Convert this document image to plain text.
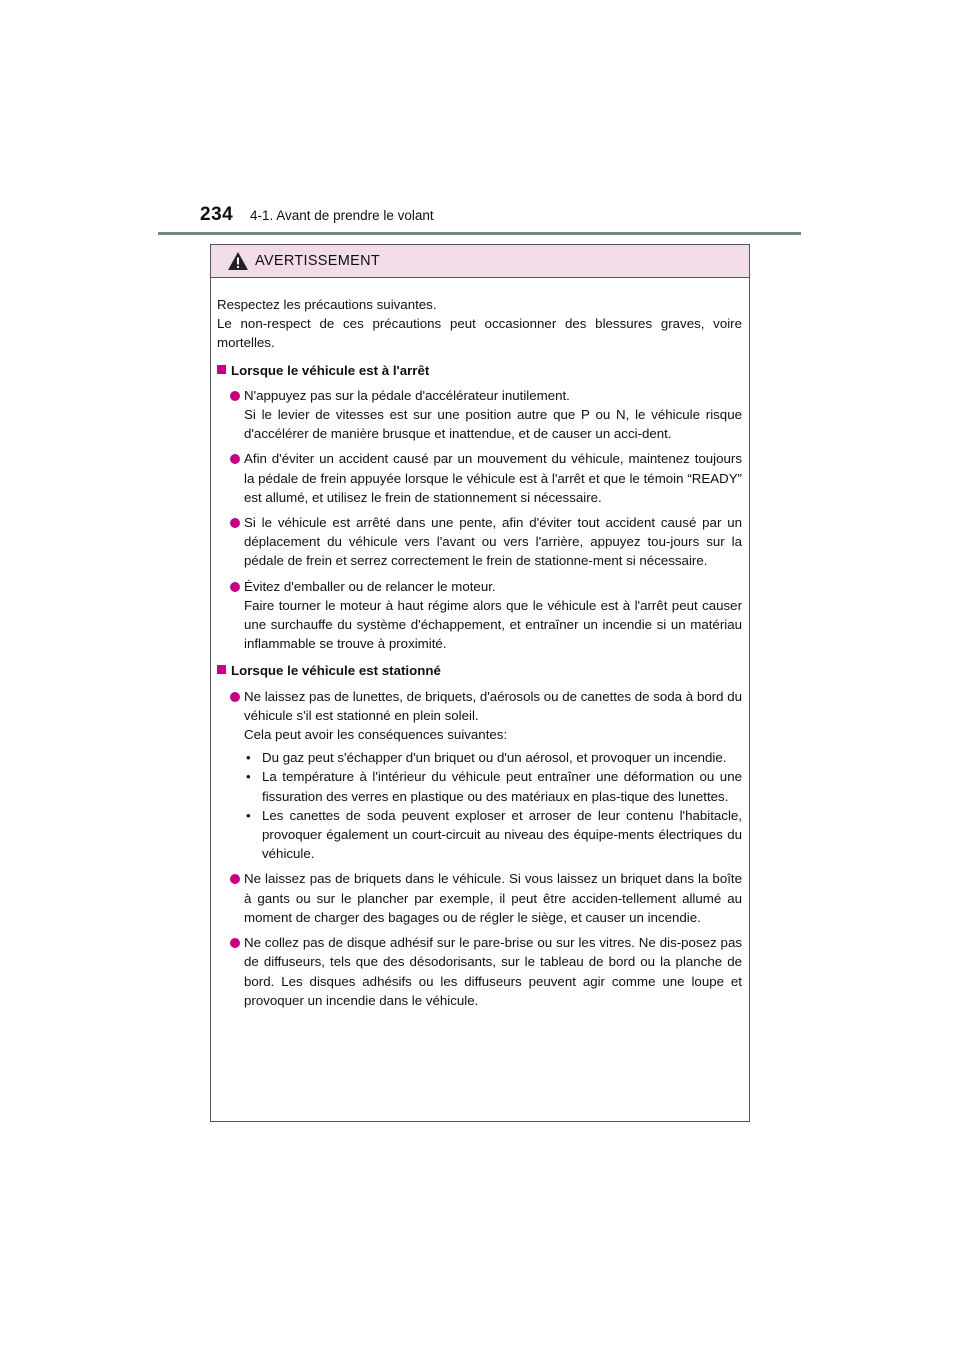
234	4-1. Avant de prendre le volant
AVERTISSEMENT

Respectez les précautions suivantes.

Le non-respect de ces précautions peut occasionner des blessures graves, voire mortelles.

Lorsque le véhicule est à l'arrêt

N'appuyez pas sur la pédale d'accélérateur inutilement.

Si le levier de vitesses est sur une position autre que P ou N, le véhicule risque d'accélérer de manière brusque et inattendue, et de causer un acci-dent.

Afin d'éviter un accident causé par un mouvement du véhicule, maintenez toujours la pédale de frein appuyée lorsque le véhicule est à l'arrêt et que le témoin “READY” est allumé, et utilisez le frein de stationnement si nécessaire.

Si le véhicule est arrêté dans une pente, afin d'éviter tout accident causé par un déplacement du véhicule vers l'avant ou vers l'arrière, appuyez tou-jours sur la pédale de frein et serrez correctement le frein de stationne-ment si nécessaire.

Évitez d'emballer ou de relancer le moteur.

Faire tourner le moteur à haut régime alors que le véhicule est à l'arrêt peut causer une surchauffe du système d'échappement, et entraîner un incendie si un matériau inflammable se trouve à proximité.

Lorsque le véhicule est stationné

Ne laissez pas de lunettes, de briquets, d'aérosols ou de canettes de soda à bord du véhicule s'il est stationné en plein soleil.

Cela peut avoir les conséquences suivantes:

• Du gaz peut s'échapper d'un briquet ou d'un aérosol, et provoquer un incendie.
• La température à l'intérieur du véhicule peut entraîner une déformation ou une fissuration des verres en plastique ou des matériaux en plas-tique des lunettes.
• Les canettes de soda peuvent exploser et arroser de leur contenu l'habitacle, provoquer également un court-circuit au niveau des équipe-ments électriques du véhicule.

Ne laissez pas de briquets dans le véhicule. Si vous laissez un briquet dans la boîte à gants ou sur le plancher par exemple, il peut être acciden-tellement allumé au moment de charger des bagages ou de régler le siège, et causer un incendie.

Ne collez pas de disque adhésif sur le pare-brise ou sur les vitres. Ne dis-posez pas de diffuseurs, tels que des désodorisants, sur le tableau de bord ou la planche de bord. Les disques adhésifs ou les diffuseurs peuvent agir comme une loupe et provoquer un incendie dans le véhicule.
